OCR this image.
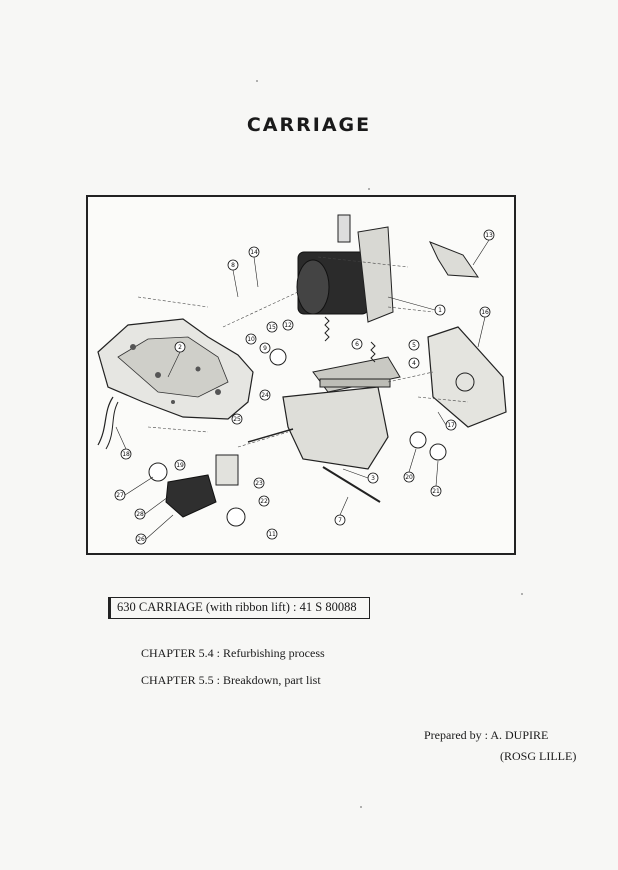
CARRIAGE
1
2
3
4
5
6
7
8
9
10
11
12
13
14
15
16
17
18
19
20
21
22
23
24
25
26
27
28
630 CARRIAGE (with ribbon lift) : 41 S 80088
CHAPTER 5.4 : Refurbishing process
CHAPTER 5.5 : Breakdown, part list
Prepared by : A. DUPIRE
(ROSG LILLE)
